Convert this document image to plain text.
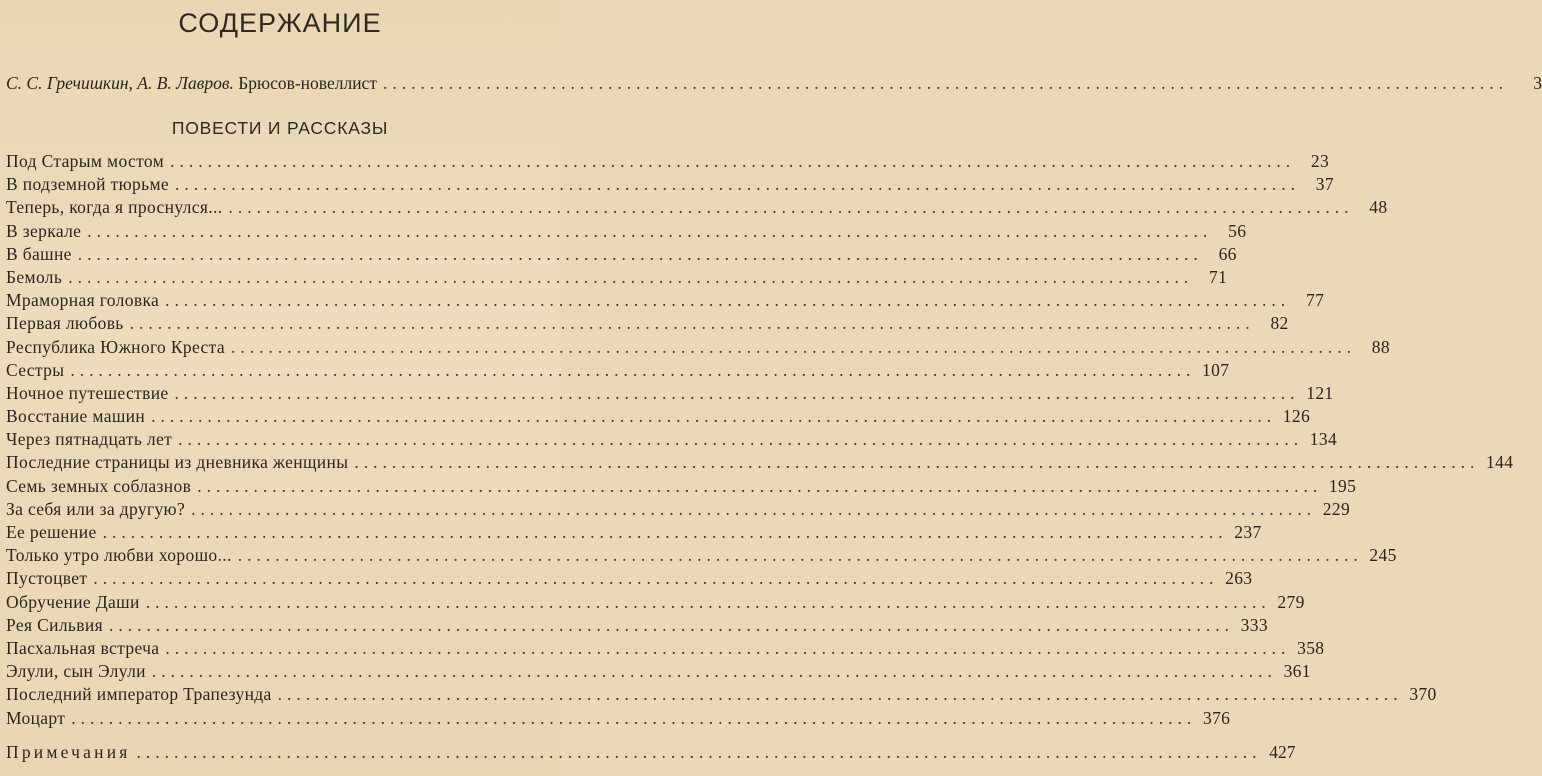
СОДЕРЖАНИЕ
С. С. Гречишкин, А. В. Лавров. Брюсов-новеллист ........................................................................................................................	3
ПОВЕСТИ И РАССКАЗЫ
Под Старым мостом ........................................................................................................................ 23
В подземной тюрьме ........................................................................................................................ 37
Теперь, когда я проснулся... ........................................................................................................................ 48
В зеркале ........................................................................................................................ 56
В башне ........................................................................................................................ 66
Бемоль ........................................................................................................................ 71
Мраморная головка ........................................................................................................................ 77
Первая любовь ........................................................................................................................ 82
Республика Южного Креста ........................................................................................................................ 88
Сестры ........................................................................................................................ 107
Ночное путешествие ........................................................................................................................ 121
Восстание машин ........................................................................................................................ 126
Через пятнадцать лет ........................................................................................................................ 134
Последние страницы из дневника женщины ........................................................................................................................ 144
Семь земных соблазнов ........................................................................................................................ 195
За себя или за другую? ........................................................................................................................ 229
Ее решение ........................................................................................................................ 237
Только утро любви хорошо... ........................................................................................................................ 245
Пустоцвет ........................................................................................................................ 263
Обручение Даши ........................................................................................................................ 279
Рея Сильвия ........................................................................................................................ 333
Пасхальная встреча ........................................................................................................................ 358
Элули, сын Элули ........................................................................................................................ 361
Последний император Трапезунда ........................................................................................................................ 370
Моцарт ........................................................................................................................ 376
Примечания ........................................................................................................................ 427
